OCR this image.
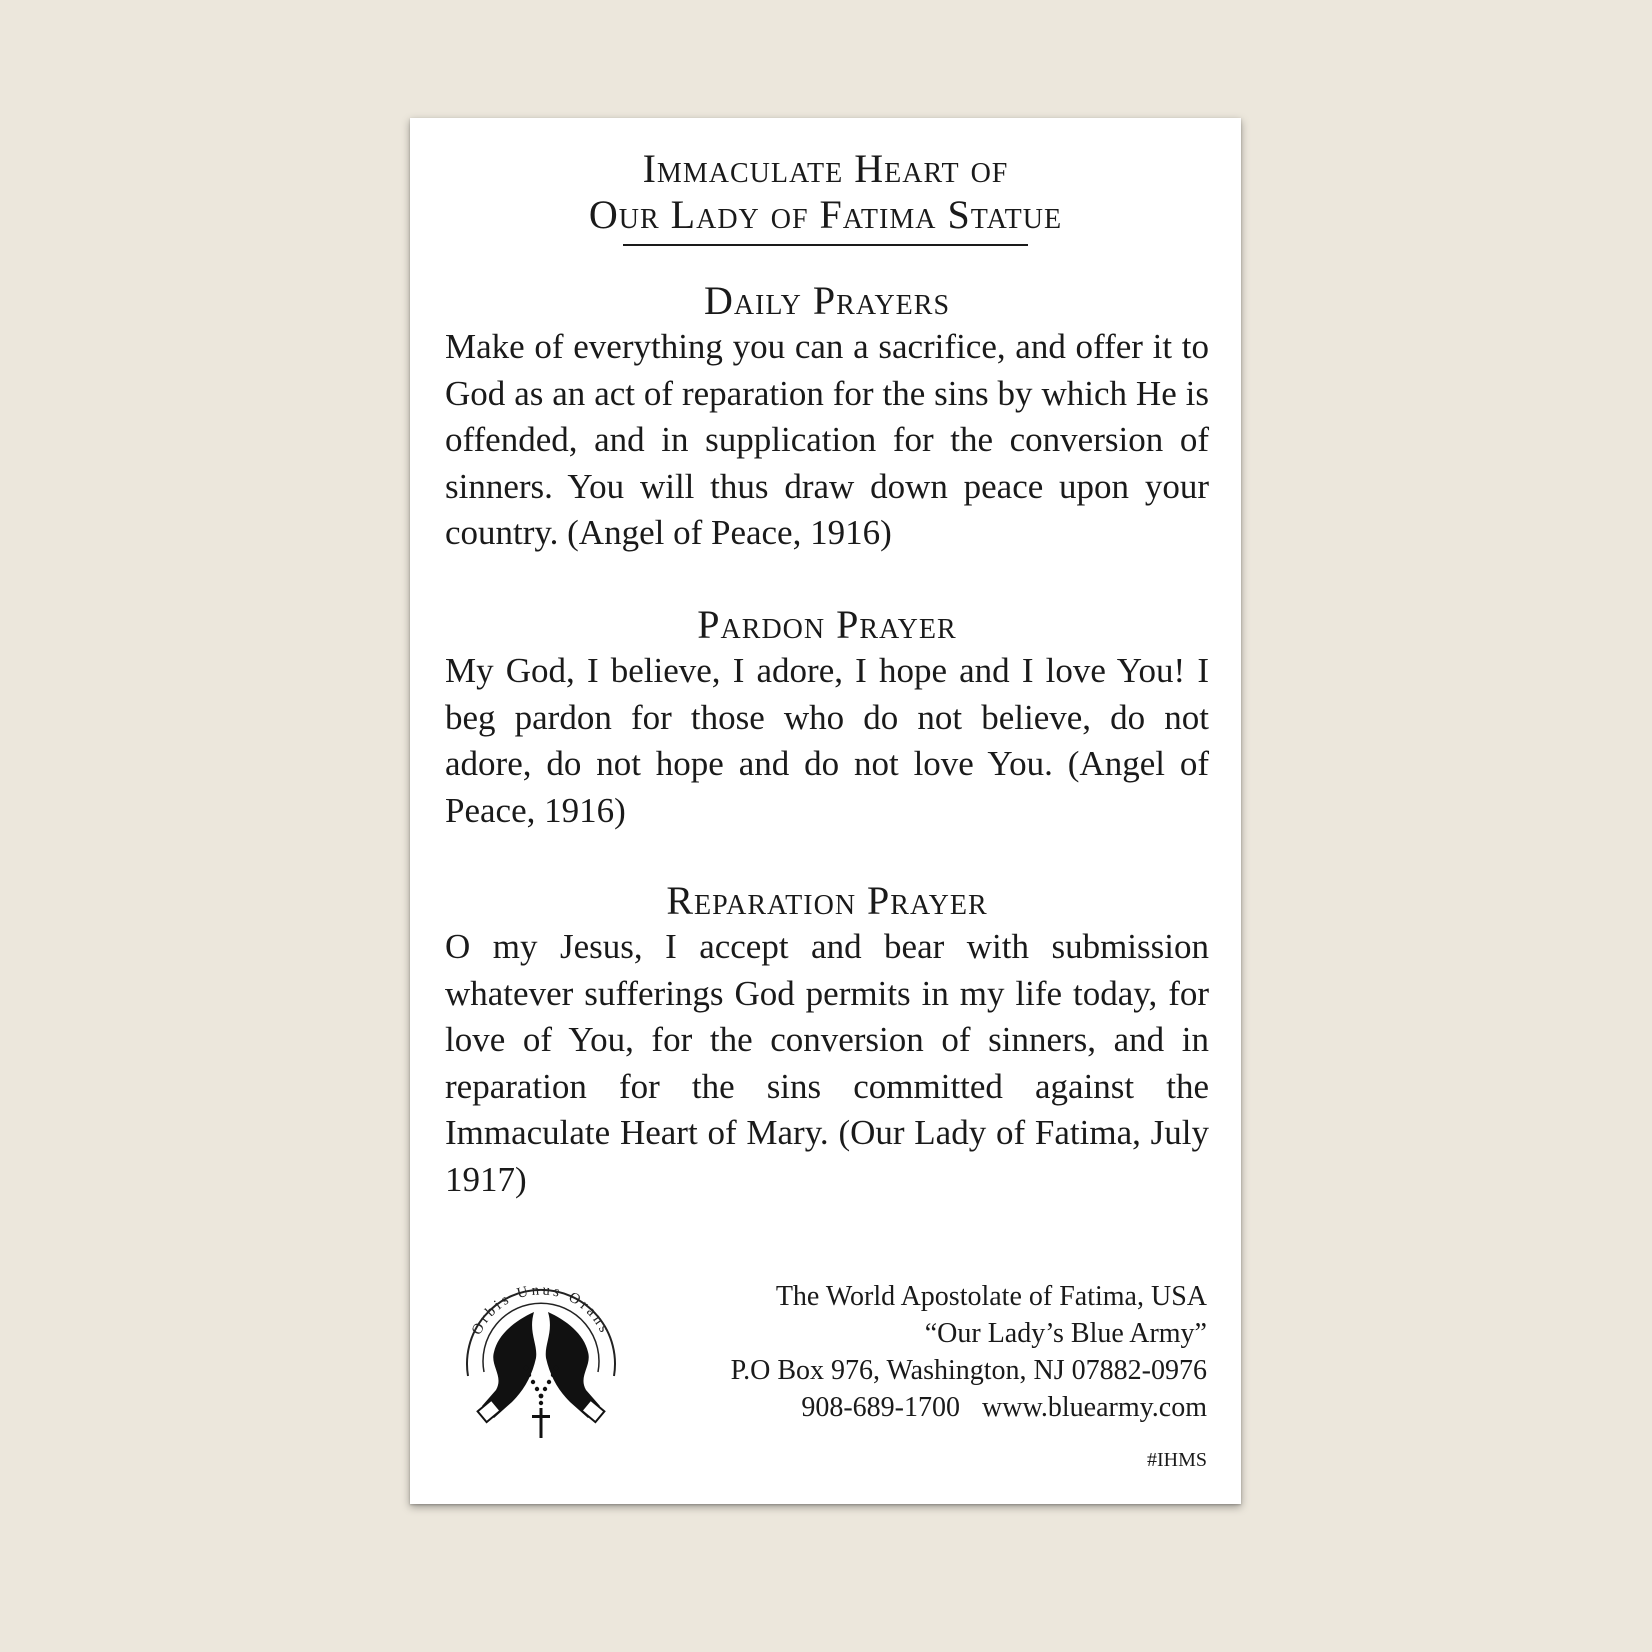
Immaculate Heart of
Our Lady of Fatima Statue

Daily Prayers

Make of everything you can a sacrifice, and offer it to God as an act of reparation for the sins by which He is offended, and in supplication for the conversion of sinners. You will thus draw down peace upon your country. (Angel of Peace, 1916)

Pardon Prayer

My God, I believe, I adore, I hope and I love You! I beg pardon for those who do not believe, do not adore, do not hope and do not love You. (Angel of Peace, 1916)

Reparation Prayer

O my Jesus, I accept and bear with submission whatever sufferings God permits in my life today, for love of You, for the conversion of sinners, and in reparation for the sins committed against the Immaculate Heart of Mary. (Our Lady of Fatima, July 1917)

Orbis Unus Orans
The World Apostolate of Fatima, USA
“Our Lady’s Blue Army”
P.O Box 976, Washington, NJ 07882-0976
908-689-1700 www.bluearmy.com
#IHMS
